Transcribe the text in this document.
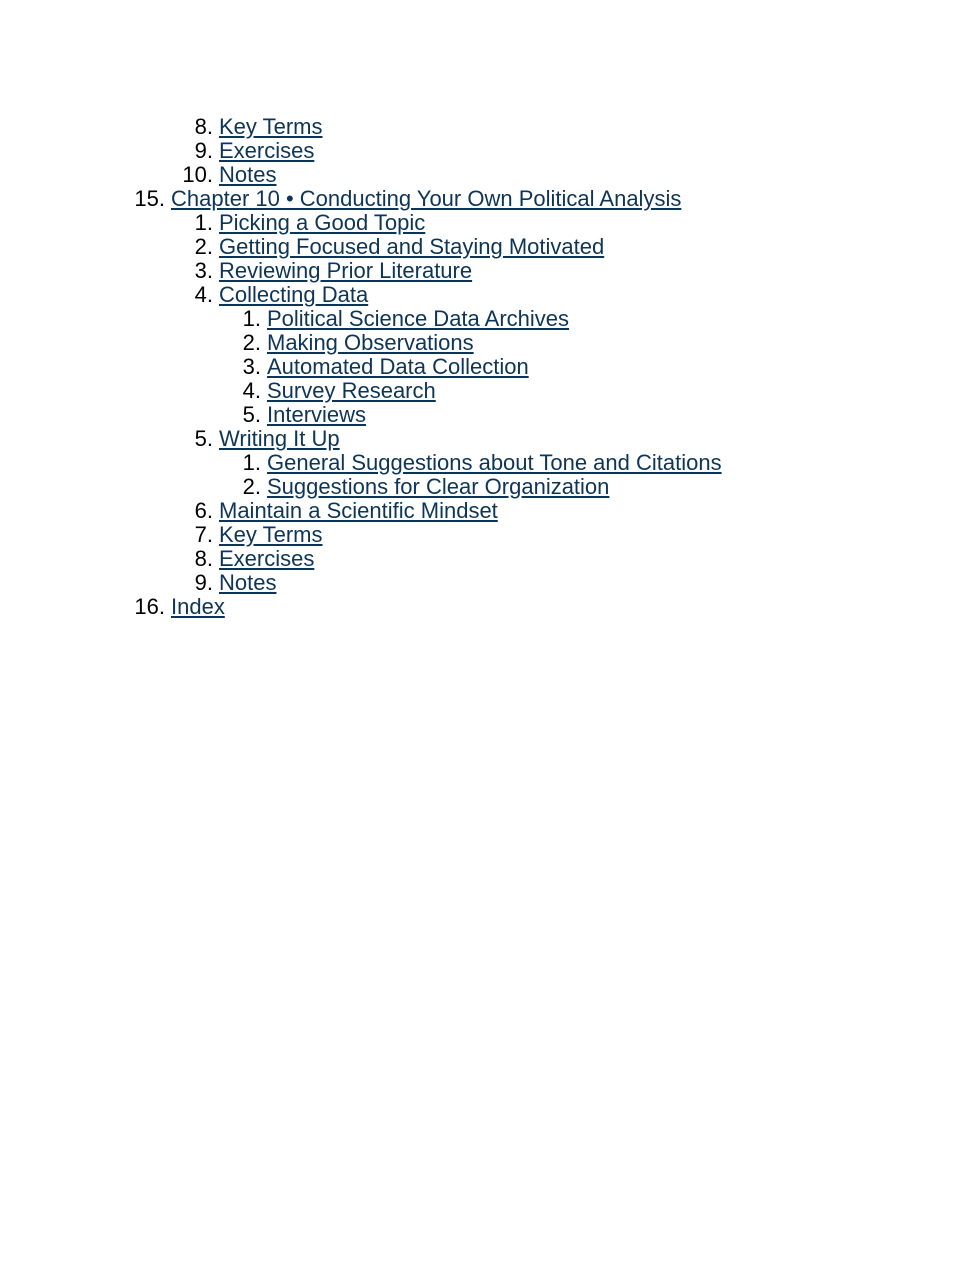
8. Key Terms
9. Exercises
10. Notes
15. Chapter 10 • Conducting Your Own Political Analysis
1. Picking a Good Topic
2. Getting Focused and Staying Motivated
3. Reviewing Prior Literature
4. Collecting Data
1. Political Science Data Archives
2. Making Observations
3. Automated Data Collection
4. Survey Research
5. Interviews
5. Writing It Up
1. General Suggestions about Tone and Citations
2. Suggestions for Clear Organization
6. Maintain a Scientific Mindset
7. Key Terms
8. Exercises
9. Notes
16. Index
